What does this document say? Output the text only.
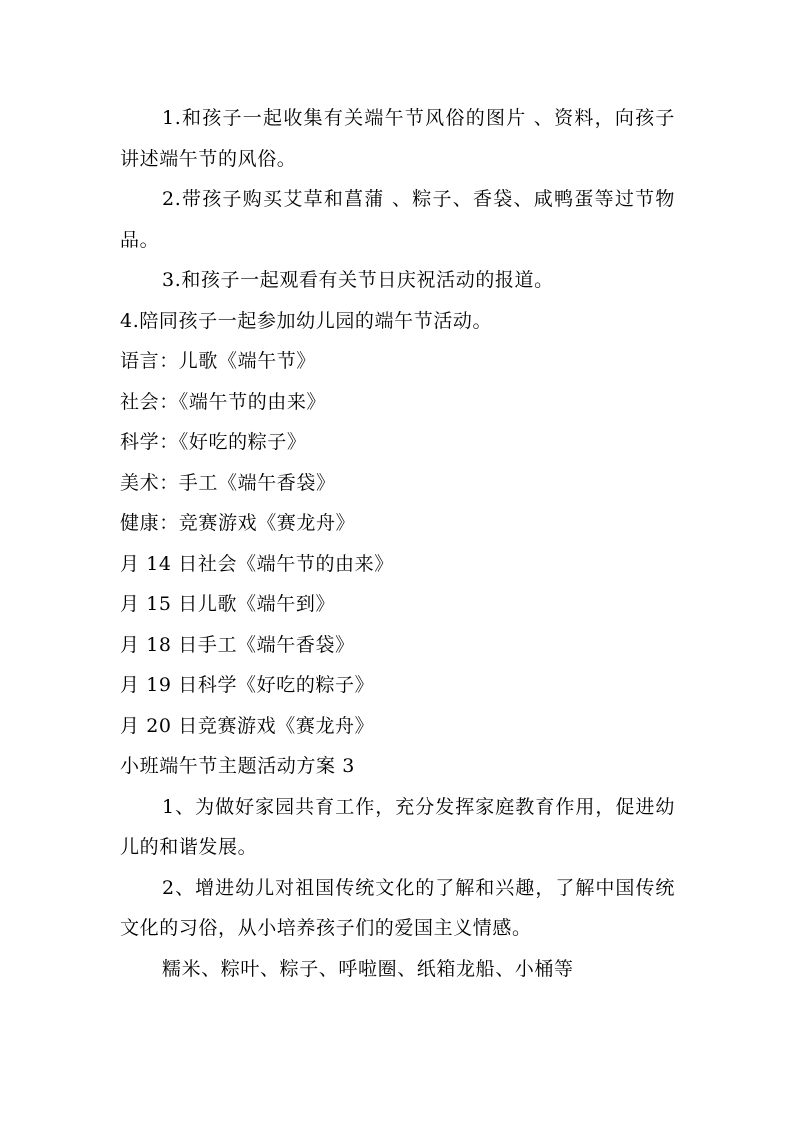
1.和孩子一起收集有关端午节风俗的图片 、资料，向孩子讲述端午节的风俗。

2.带孩子购买艾草和菖蒲 、粽子、香袋、咸鸭蛋等过节物品。

3.和孩子一起观看有关节日庆祝活动的报道。

4.陪同孩子一起参加幼儿园的端午节活动。

语言：儿歌《端午节》

社会：《端午节的由来》

科学：《好吃的粽子》

美术：手工《端午香袋》

健康：竞赛游戏《赛龙舟》

月 14 日社会《端午节的由来》

月 15 日儿歌《端午到》

月 18 日手工《端午香袋》

月 19 日科学《好吃的粽子》

月 20 日竞赛游戏《赛龙舟》

小班端午节主题活动方案 3

1、为做好家园共育工作，充分发挥家庭教育作用，促进幼儿的和谐发展。

2、增进幼儿对祖国传统文化的了解和兴趣，了解中国传统文化的习俗，从小培养孩子们的爱国主义情感。

糯米、粽叶、粽子、呼啦圈、纸箱龙船、小桶等
